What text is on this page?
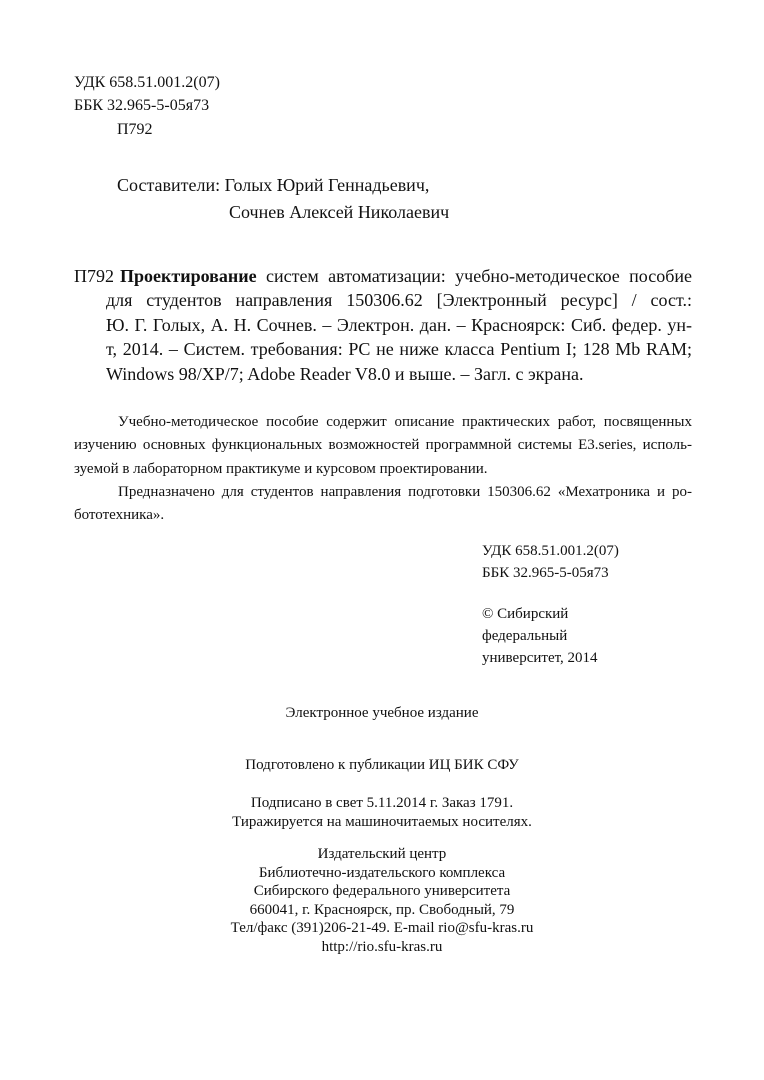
УДК 658.51.001.2(07)
ББК 32.965-5-05я73
П792
Составители: Голых Юрий Геннадьевич,
Сочнев Алексей Николаевич
П792 Проектирование систем автоматизации: учебно-методическое пособие
для студентов направления 150306.62 [Электронный ресурс] / сост.:
Ю. Г. Голых, А. Н. Сочнев. – Электрон. дан. – Красноярск: Сиб. федер. ун-
т, 2014. – Систем. требования: PC не ниже класса Pentium I; 128 Mb RAM;
Windows 98/XP/7; Adobe Reader V8.0 и выше. – Загл. с экрана.
Учебно-методическое пособие содержит описание практических работ, посвященных
изучению основных функциональных возможностей программной системы E3.series, исполь-
зуемой в лабораторном практикуме и курсовом проектировании.
Предназначено для студентов направления подготовки 150306.62 «Мехатроника и ро-
бототехника».
УДК 658.51.001.2(07)
ББК 32.965-5-05я73
© Сибирский
федеральный
университет, 2014
Электронное учебное издание
Подготовлено к публикации ИЦ БИК СФУ
Подписано в свет 5.11.2014 г. Заказ 1791.
Тиражируется на машиночитаемых носителях.
Издательский центр
Библиотечно-издательского комплекса
Сибирского федерального университета
660041, г. Красноярск, пр. Свободный, 79
Тел/факс (391)206-21-49. E-mail rio@sfu-kras.ru
http://rio.sfu-kras.ru
